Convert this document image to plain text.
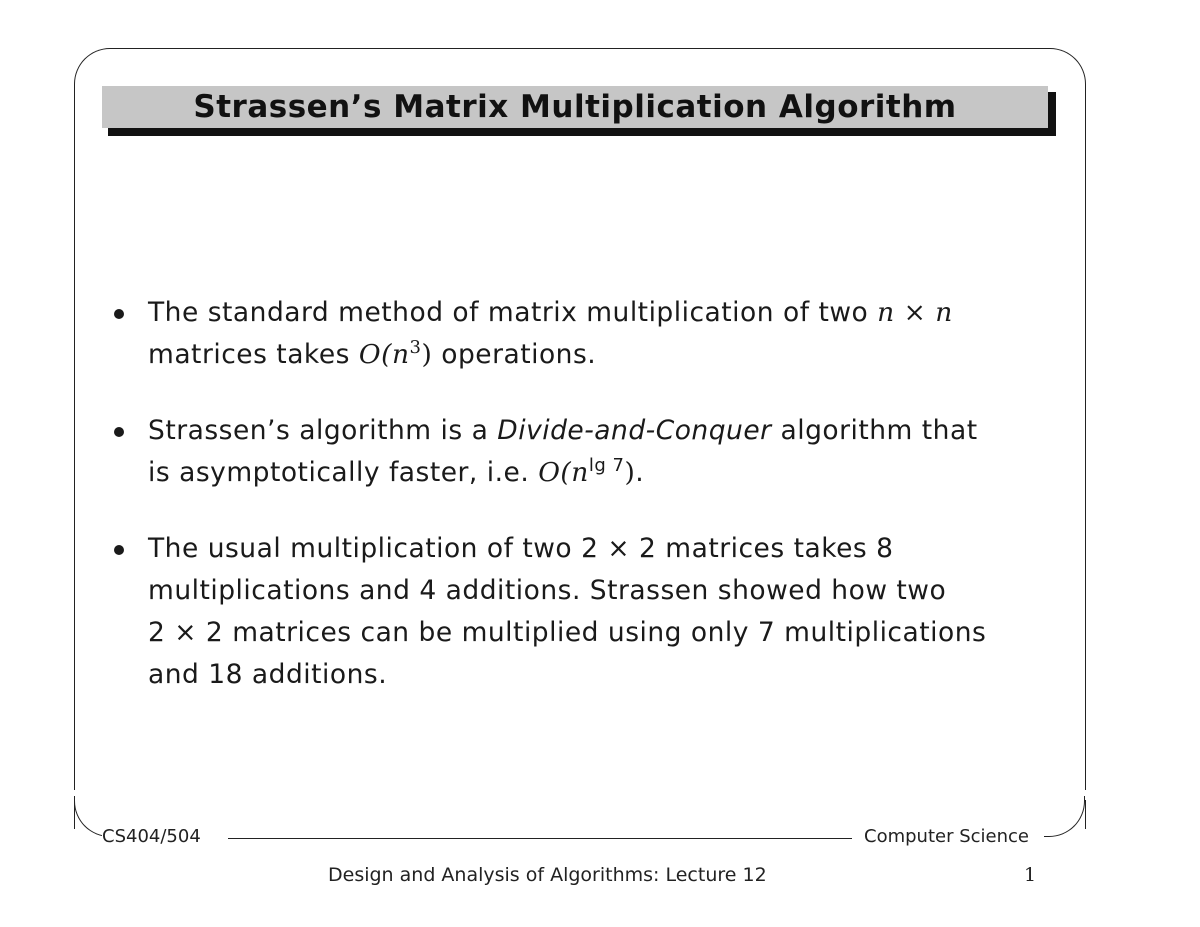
Strassen’s Matrix Multiplication Algorithm
The standard method of matrix multiplication of two n × n
matrices takes $O(n^3)$ operations.
Strassen’s algorithm is a Divide-and-Conquer algorithm that
is asymptotically faster, i.e. $O(n^{lg 7})$.
The usual multiplication of two 2 × 2 matrices takes 8
multiplications and 4 additions. Strassen showed how two
2 × 2 matrices can be multiplied using only 7 multiplications
and 18 additions.
CS404/504	Computer Science
Design and Analysis of Algorithms: Lecture 12	1
